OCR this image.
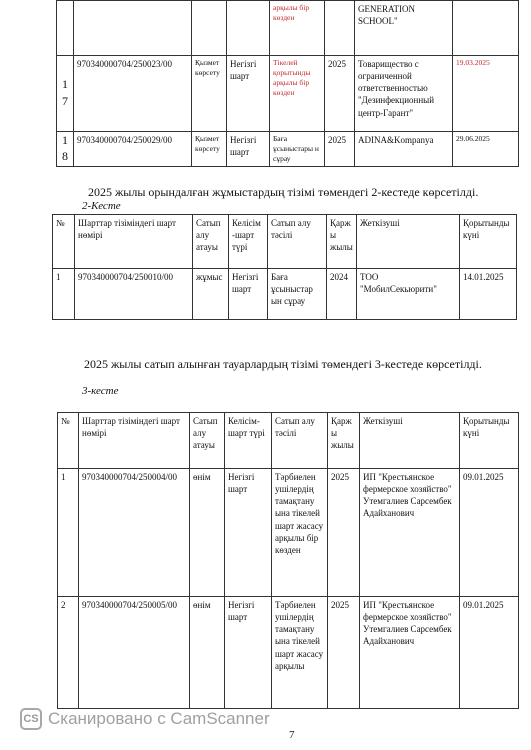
				арқылы бір көзден		GENERATION SCHOOL"	
17	970340000704/250023/00	Қызмет көрсету	Негізгі шарт	Тікелей қорытынды арқылы бір көзден	2025	Товарищество с ограниченной ответственностью "Дезинфекционный центр-Гарант"	19.03.2025
18	970340000704/250029/00	Қызмет көрсету	Негізгі шарт	Баға ұсыныстары н сұрау	2025	ADINA&Kompanya	29.06.2025
2025 жылы орындалған жұмыстардың тізімі төмендегі 2-кестеде көрсетілді.
2-Кесте
№	Шарттар тізіміндегі шарт нөмірі	Сатып алу атауы	Келісім -шарт түрі	Сатып алу тәсілі	Қаржы жылы	Жеткізуші	Қорытынды күні
1	970340000704/250010/00	жұмыс	Негізгі шарт	Баға ұсыныстар ын сұрау	2024	ТОО "МобилСекьюрити"	14.01.2025
2025 жылы сатып алынған тауарлардың тізімі төмендегі 3-кестеде көрсетілді.
3-кесте
№	Шарттар тізіміндегі шарт нөмірі	Сатып алу атауы	Келісім-шарт түрі	Сатып алу тәсілі	Қаржы жылы	Жеткізуші	Қорытынды күні
1	970340000704/250004/00	өнім	Негізгі шарт	Тәрбиелен ушілердің тамақтану ына тікелей шарт жасасу арқылы бір көзден	2025	ИП "Крестьянское фермерское хозяйство" Утемгалиев Сарсембек Адайханович	09.01.2025
2	970340000704/250005/00	өнім	Негізгі шарт	Тәрбиелен ушілердің тамақтану ына тікелей шарт жасасу арқылы	2025	ИП "Крестьянское фермерское хозяйство" Утемгалиев Сарсембек Адайханович	09.01.2025
CS Сканировано с CamScanner
7
